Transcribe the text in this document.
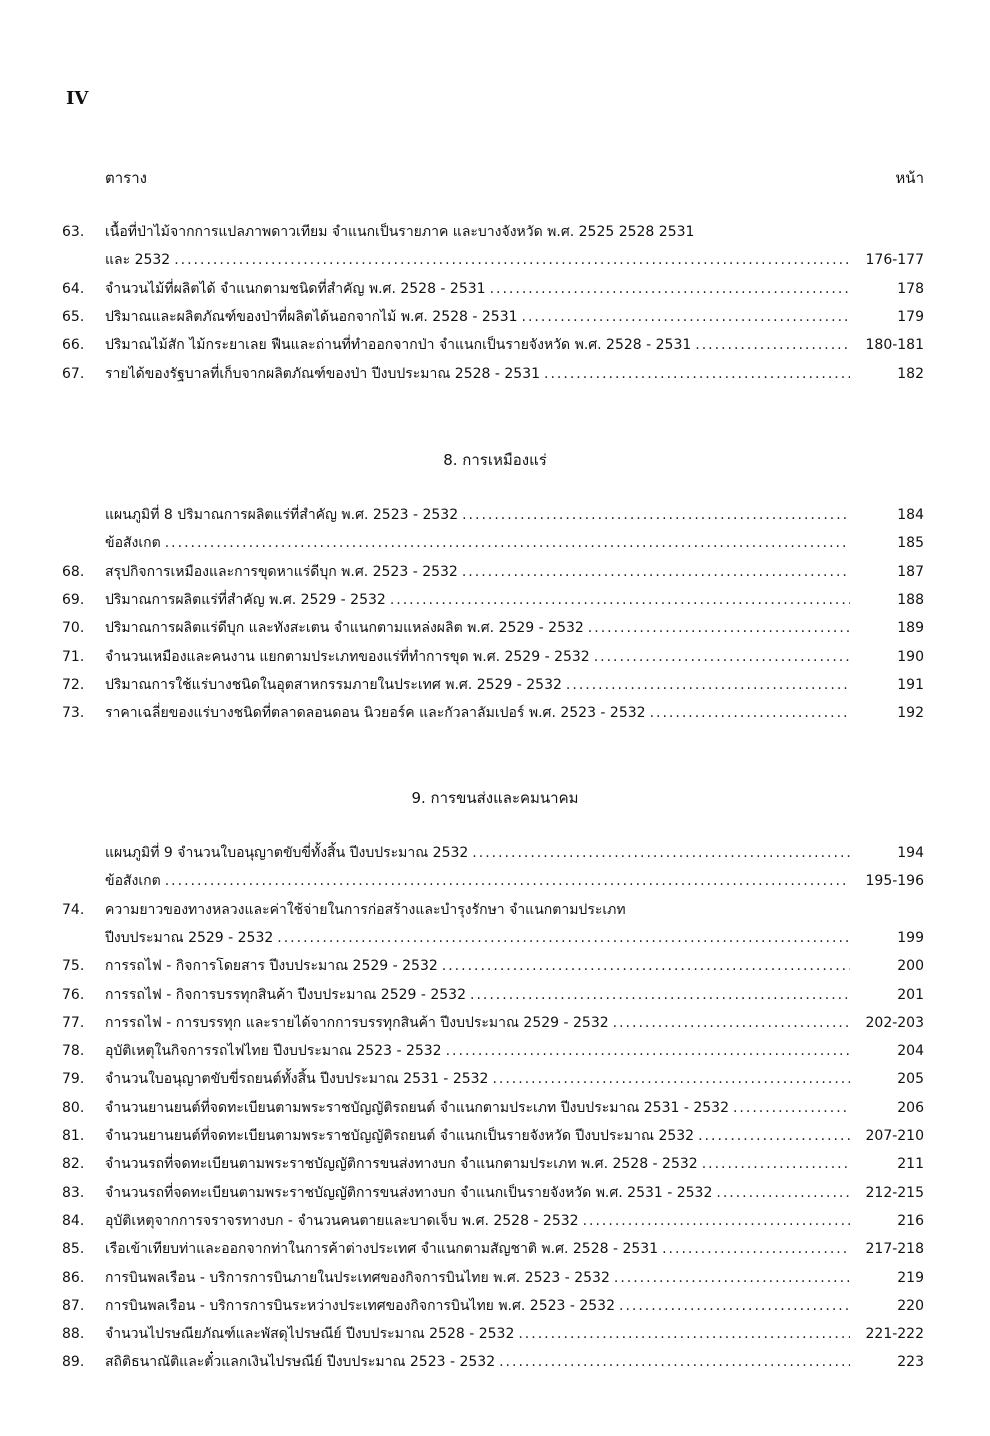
IV
ตาราง	หน้า
63.	เนื้อที่ป่าไม้จากการแปลภาพดาวเทียม จำแนกเป็นรายภาค และบางจังหวัด พ.ศ. 2525 2528 2531
และ 2532 .....	176-177
64.	จำนวนไม้ที่ผลิตได้ จำแนกตามชนิดที่สำคัญ พ.ศ. 2528 - 2531 .....	178
65.	ปริมาณและผลิตภัณฑ์ของป่าที่ผลิตได้นอกจากไม้ พ.ศ. 2528 - 2531 .....	179
66.	ปริมาณไม้สัก ไม้กระยาเลย ฟืนและถ่านที่ทำออกจากป่า จำแนกเป็นรายจังหวัด พ.ศ. 2528 - 2531 .....	180-181
67.	รายได้ของรัฐบาลที่เก็บจากผลิตภัณฑ์ของป่า ปีงบประมาณ 2528 - 2531 .....	182
8. การเหมืองแร่
แผนภูมิที่ 8 ปริมาณการผลิตแร่ที่สำคัญ พ.ศ. 2523 - 2532 .....	184
ข้อสังเกต .....	185
68.	สรุปกิจการเหมืองและการขุดหาแร่ดีบุก พ.ศ. 2523 - 2532 .....	187
69.	ปริมาณการผลิตแร่ที่สำคัญ พ.ศ. 2529 - 2532 .....	188
70.	ปริมาณการผลิตแร่ดีบุก และทังสะเตน จำแนกตามแหล่งผลิต พ.ศ. 2529 - 2532 .....	189
71.	จำนวนเหมืองและคนงาน แยกตามประเภทของแร่ที่ทำการขุด พ.ศ. 2529 - 2532 .....	190
72.	ปริมาณการใช้แร่บางชนิดในอุตสาหกรรมภายในประเทศ พ.ศ. 2529 - 2532 .....	191
73.	ราคาเฉลี่ยของแร่บางชนิดที่ตลาดลอนดอน นิวยอร์ค และกัวลาลัมเปอร์ พ.ศ. 2523 - 2532 .....	192
9. การขนส่งและคมนาคม
แผนภูมิที่ 9 จำนวนใบอนุญาตขับขี่ทั้งสิ้น ปีงบประมาณ 2532 .....	194
ข้อสังเกต .....	195-196
74.	ความยาวของทางหลวงและค่าใช้จ่ายในการก่อสร้างและบำรุงรักษา จำแนกตามประเภท
ปีงบประมาณ 2529 - 2532 .....	199
75.	การรถไฟ - กิจการโดยสาร ปีงบประมาณ 2529 - 2532 .....	200
76.	การรถไฟ - กิจการบรรทุกสินค้า ปีงบประมาณ 2529 - 2532 .....	201
77.	การรถไฟ - การบรรทุก และรายได้จากการบรรทุกสินค้า ปีงบประมาณ 2529 - 2532 .....	202-203
78.	อุบัติเหตุในกิจการรถไฟไทย ปีงบประมาณ 2523 - 2532 .....	204
79.	จำนวนใบอนุญาตขับขี่รถยนต์ทั้งสิ้น ปีงบประมาณ 2531 - 2532 .....	205
80.	จำนวนยานยนต์ที่จดทะเบียนตามพระราชบัญญัติรถยนต์ จำแนกตามประเภท ปีงบประมาณ 2531 - 2532 .....	206
81.	จำนวนยานยนต์ที่จดทะเบียนตามพระราชบัญญัติรถยนต์ จำแนกเป็นรายจังหวัด ปีงบประมาณ 2532 .....	207-210
82.	จำนวนรถที่จดทะเบียนตามพระราชบัญญัติการขนส่งทางบก จำแนกตามประเภท พ.ศ. 2528 - 2532 .....	211
83.	จำนวนรถที่จดทะเบียนตามพระราชบัญญัติการขนส่งทางบก จำแนกเป็นรายจังหวัด พ.ศ. 2531 - 2532 .....	212-215
84.	อุบัติเหตุจากการจราจรทางบก - จำนวนคนตายและบาดเจ็บ พ.ศ. 2528 - 2532 .....	216
85.	เรือเข้าเทียบท่าและออกจากท่าในการค้าต่างประเทศ จำแนกตามสัญชาติ พ.ศ. 2528 - 2531 .....	217-218
86.	การบินพลเรือน - บริการการบินภายในประเทศของกิจการบินไทย พ.ศ. 2523 - 2532 .....	219
87.	การบินพลเรือน - บริการการบินระหว่างประเทศของกิจการบินไทย พ.ศ. 2523 - 2532 .....	220
88.	จำนวนไปรษณียภัณฑ์และพัสดุไปรษณีย์ ปีงบประมาณ 2528 - 2532 .....	221-222
89.	สถิติธนาณัติและตั๋วแลกเงินไปรษณีย์ ปีงบประมาณ 2523 - 2532 .....	223
